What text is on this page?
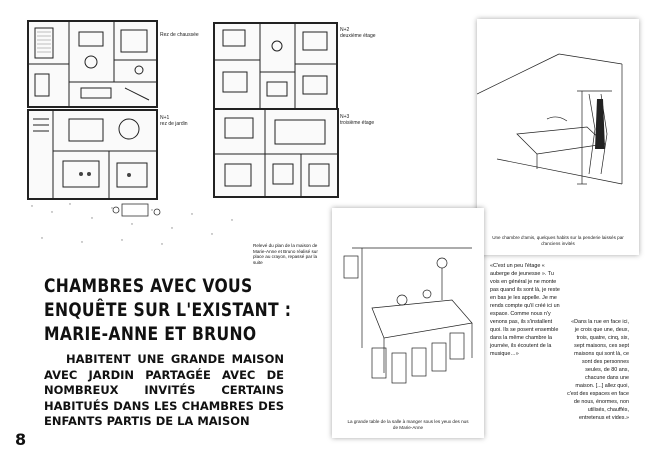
Rez de chaussée
N+2
deuxième étage
N+1
rez de jardin
N+3
troisième étage
Relevé du plan de la maison de Marie-Anne et Bruno réalisé sur place au crayon, repassé par la suite
Une chambre d'amis, quelques habits sur la penderie laissés par d'anciens invités
La grande table de la salle à manger sous les yeux des nus de Marie-Anne
CHAMBRES AVEC VOUS
ENQUÊTE SUR L'EXISTANT :
MARIE-ANNE ET BRUNO
HABITENT UNE GRANDE MAISON AVEC JARDIN PARTAGÉE AVEC DE NOMBREUX INVITÉS CERTAINS HABITUÉS DANS LES CHAMBRES DES ENFANTS PARTIS DE LA MAISON
8
«C'est un peu l'étage « auberge de jeunesse ». Tu vois en général je ne monte pas quand ils sont là, je reste en bas je les appelle. Je me rends compte qu'il créé ici un espace. Comme nous n'y venons pas, ils s'installent quoi. Ils se posent ensemble dans la même chambre la journée, ils écoutent de la musique…»
«Dans la rue en face ici, je crois que une, deux, trois, quatre, cinq, six, sept maisons, ces sept maisons qui sont là, ce sont des personnes seules, de 80 ans, chacune dans une maison. [...] allez quoi, c'est des espaces en face de nous, énormes, non utilisés, chauffés, entretenus et vides.»
